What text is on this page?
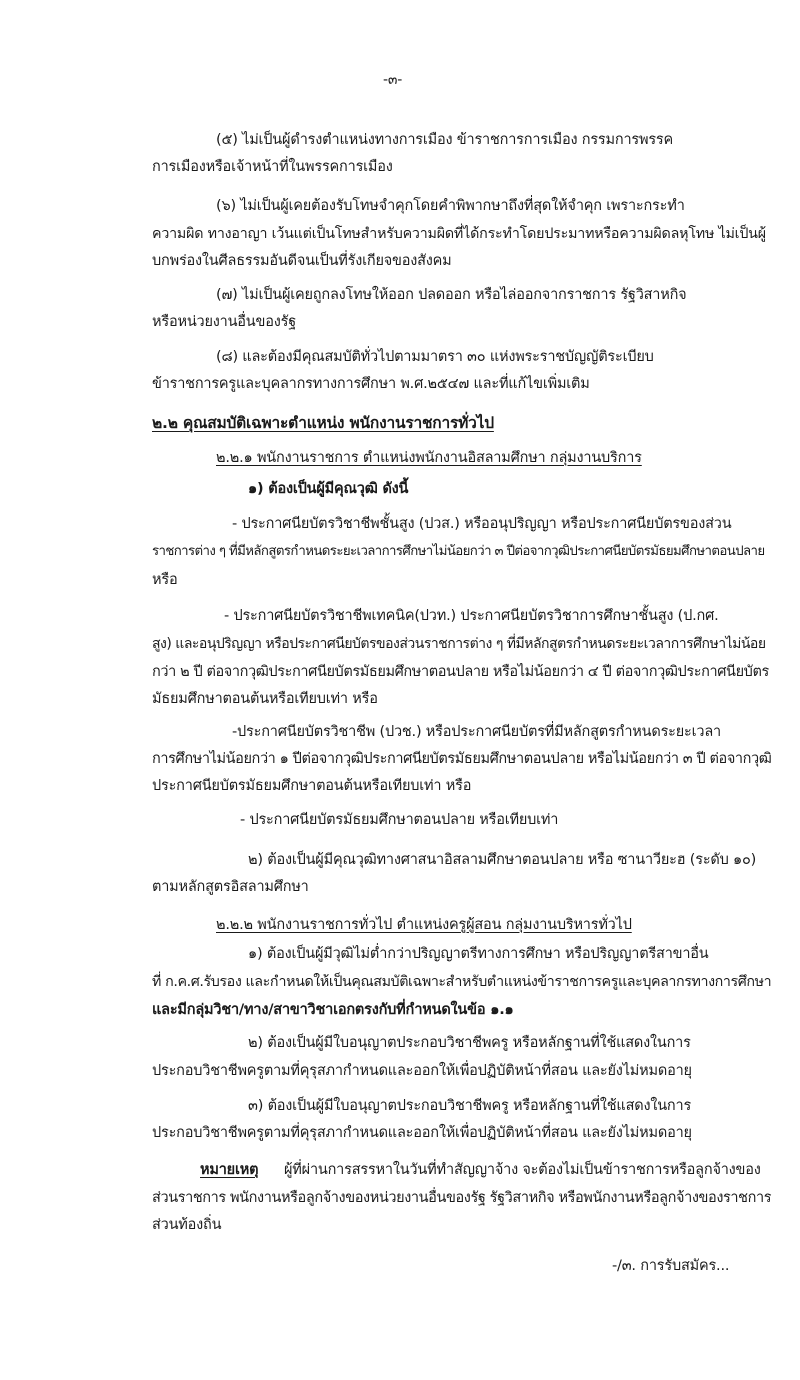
-๓-
(๕) ไม่เป็นผู้ดำรงตำแหน่งทางการเมือง ข้าราชการการเมือง กรรมการพรรค
การเมืองหรือเจ้าหน้าที่ในพรรคการเมือง
(๖) ไม่เป็นผู้เคยต้องรับโทษจำคุกโดยคำพิพากษาถึงที่สุดให้จำคุก เพราะกระทำ
ความผิด ทางอาญา เว้นแต่เป็นโทษสำหรับความผิดที่ได้กระทำโดยประมาทหรือความผิดลหุโทษ ไม่เป็นผู้
บกพร่องในศีลธรรมอันดีจนเป็นที่รังเกียจของสังคม
(๗) ไม่เป็นผู้เคยถูกลงโทษให้ออก ปลดออก หรือไล่ออกจากราชการ รัฐวิสาหกิจ
หรือหน่วยงานอื่นของรัฐ
(๘) และต้องมีคุณสมบัติทั่วไปตามมาตรา ๓๐ แห่งพระราชบัญญัติระเบียบ
ข้าราชการครูและบุคลากรทางการศึกษา พ.ศ.๒๕๔๗ และที่แก้ไขเพิ่มเติม
๒.๒ คุณสมบัติเฉพาะตำแหน่ง พนักงานราชการทั่วไป
๒.๒.๑ พนักงานราชการ ตำแหน่งพนักงานอิสลามศึกษา กลุ่มงานบริการ
๑) ต้องเป็นผู้มีคุณวุฒิ ดังนี้
- ประกาศนียบัตรวิชาชีพชั้นสูง (ปวส.) หรืออนุปริญญา หรือประกาศนียบัตรของส่วน
ราชการต่าง ๆ ที่มีหลักสูตรกำหนดระยะเวลาการศึกษาไม่น้อยกว่า ๓ ปีต่อจากวุฒิประกาศนียบัตรมัธยมศึกษาตอนปลาย
หรือ
- ประกาศนียบัตรวิชาชีพเทคนิค(ปวท.) ประกาศนียบัตรวิชาการศึกษาชั้นสูง (ป.กศ.
สูง) และอนุปริญญา หรือประกาศนียบัตรของส่วนราชการต่าง ๆ ที่มีหลักสูตรกำหนดระยะเวลาการศึกษาไม่น้อย
กว่า ๒ ปี ต่อจากวุฒิประกาศนียบัตรมัธยมศึกษาตอนปลาย หรือไม่น้อยกว่า ๔ ปี ต่อจากวุฒิประกาศนียบัตร
มัธยมศึกษาตอนต้นหรือเทียบเท่า หรือ
-ประกาศนียบัตรวิชาชีพ (ปวช.) หรือประกาศนียบัตรที่มีหลักสูตรกำหนดระยะเวลา
การศึกษาไม่น้อยกว่า ๑ ปีต่อจากวุฒิประกาศนียบัตรมัธยมศึกษาตอนปลาย หรือไม่น้อยกว่า ๓ ปี ต่อจากวุฒิ
ประกาศนียบัตรมัธยมศึกษาตอนต้นหรือเทียบเท่า หรือ
- ประกาศนียบัตรมัธยมศึกษาตอนปลาย หรือเทียบเท่า
๒) ต้องเป็นผู้มีคุณวุฒิทางศาสนาอิสลามศึกษาตอนปลาย หรือ ซานาวียะฮ (ระดับ ๑๐)
ตามหลักสูตรอิสลามศึกษา
๒.๒.๒ พนักงานราชการทั่วไป ตำแหน่งครูผู้สอน กลุ่มงานบริหารทั่วไป
๑) ต้องเป็นผู้มีวุฒิไม่ต่ำกว่าปริญญาตรีทางการศึกษา หรือปริญญาตรีสาขาอื่น
ที่ ก.ค.ศ.รับรอง และกำหนดให้เป็นคุณสมบัติเฉพาะสำหรับตำแหน่งข้าราชการครูและบุคลากรทางการศึกษา
และมีกลุ่มวิชา/ทาง/สาขาวิชาเอกตรงกับที่กำหนดในข้อ ๑.๑
๒) ต้องเป็นผู้มีใบอนุญาตประกอบวิชาชีพครู หรือหลักฐานที่ใช้แสดงในการ
ประกอบวิชาชีพครูตามที่คุรุสภากำหนดและออกให้เพื่อปฏิบัติหน้าที่สอน และยังไม่หมดอายุ
๓) ต้องเป็นผู้มีใบอนุญาตประกอบวิชาชีพครู หรือหลักฐานที่ใช้แสดงในการ
ประกอบวิชาชีพครูตามที่คุรุสภากำหนดและออกให้เพื่อปฏิบัติหน้าที่สอน และยังไม่หมดอายุ
หมายเหตุ ผู้ที่ผ่านการสรรหาในวันที่ทำสัญญาจ้าง จะต้องไม่เป็นข้าราชการหรือลูกจ้างของ
ส่วนราชการ พนักงานหรือลูกจ้างของหน่วยงานอื่นของรัฐ รัฐวิสาหกิจ หรือพนักงานหรือลูกจ้างของราชการ
ส่วนท้องถิ่น
-/๓. การรับสมัคร...
